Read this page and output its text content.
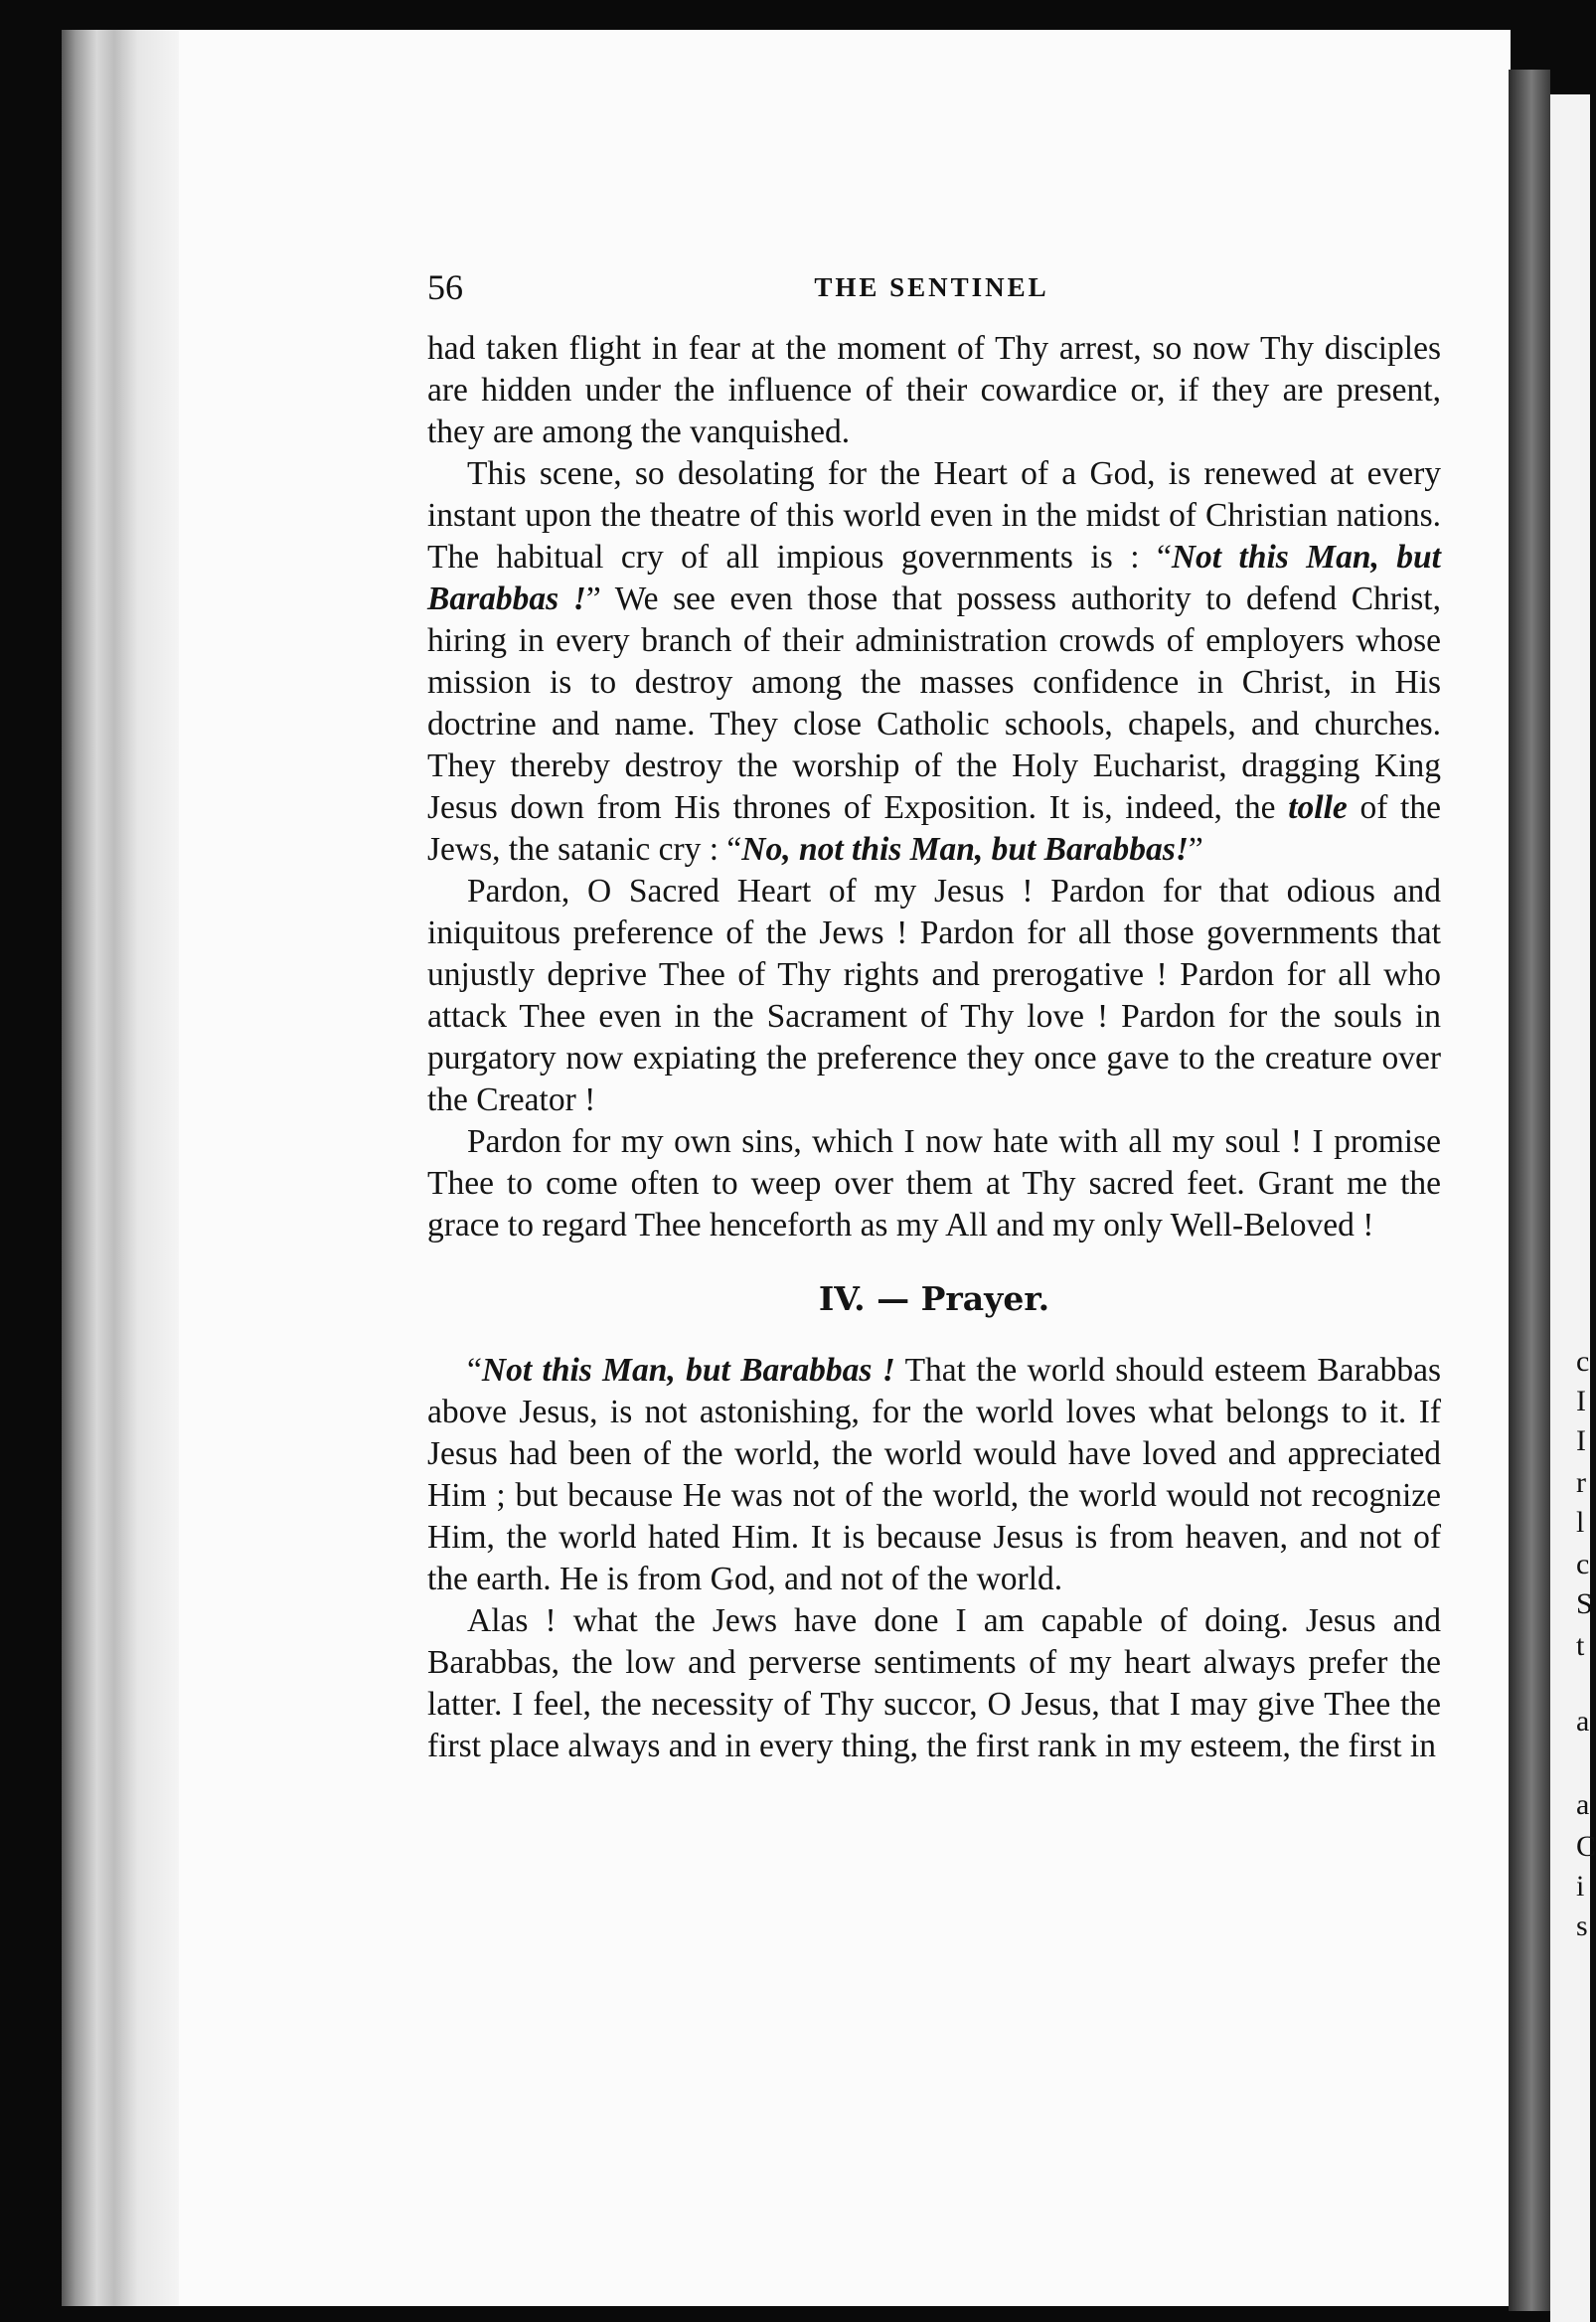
c
I
I
r
l
c
S
t
a
a
C
i
s
56	THE SENTINEL

had taken flight in fear at the moment of Thy arrest, so now Thy disciples are hidden under the influence of their cowardice or, if they are present, they are among the vanquished.

This scene, so desolating for the Heart of a God, is renewed at every instant upon the theatre of this world even in the midst of Christian nations. The habitual cry of all impious governments is : “Not this Man, but Barabbas !” We see even those that possess authority to defend Christ, hiring in every branch of their administration crowds of employers whose mission is to destroy among the masses confidence in Christ, in His doctrine and name. They close Catholic schools, chapels, and churches. They thereby destroy the worship of the Holy Eucharist, dragging King Jesus down from His thrones of Exposition. It is, indeed, the tolle of the Jews, the satanic cry : “No, not this Man, but Barabbas!”

Pardon, O Sacred Heart of my Jesus ! Pardon for that odious and iniquitous preference of the Jews ! Pardon for all those governments that unjustly deprive Thee of Thy rights and prerogative ! Pardon for all who attack Thee even in the Sacrament of Thy love ! Pardon for the souls in purgatory now expiating the preference they once gave to the creature over the Creator !

Pardon for my own sins, which I now hate with all my soul ! I promise Thee to come often to weep over them at Thy sacred feet. Grant me the grace to regard Thee henceforth as my All and my only Well-Beloved !

IV. — Prayer.

“Not this Man, but Barabbas ! That the world should esteem Barabbas above Jesus, is not astonishing, for the world loves what belongs to it. If Jesus had been of the world, the world would have loved and appreciated Him ; but because He was not of the world, the world would not recognize Him, the world hated Him. It is because Jesus is from heaven, and not of the earth. He is from God, and not of the world.

Alas ! what the Jews have done I am capable of doing. Jesus and Barabbas, the low and perverse sentiments of my heart always prefer the latter. I feel, the necessity of Thy succor, O Jesus, that I may give Thee the first place always and in every thing, the first rank in my esteem, the first in
